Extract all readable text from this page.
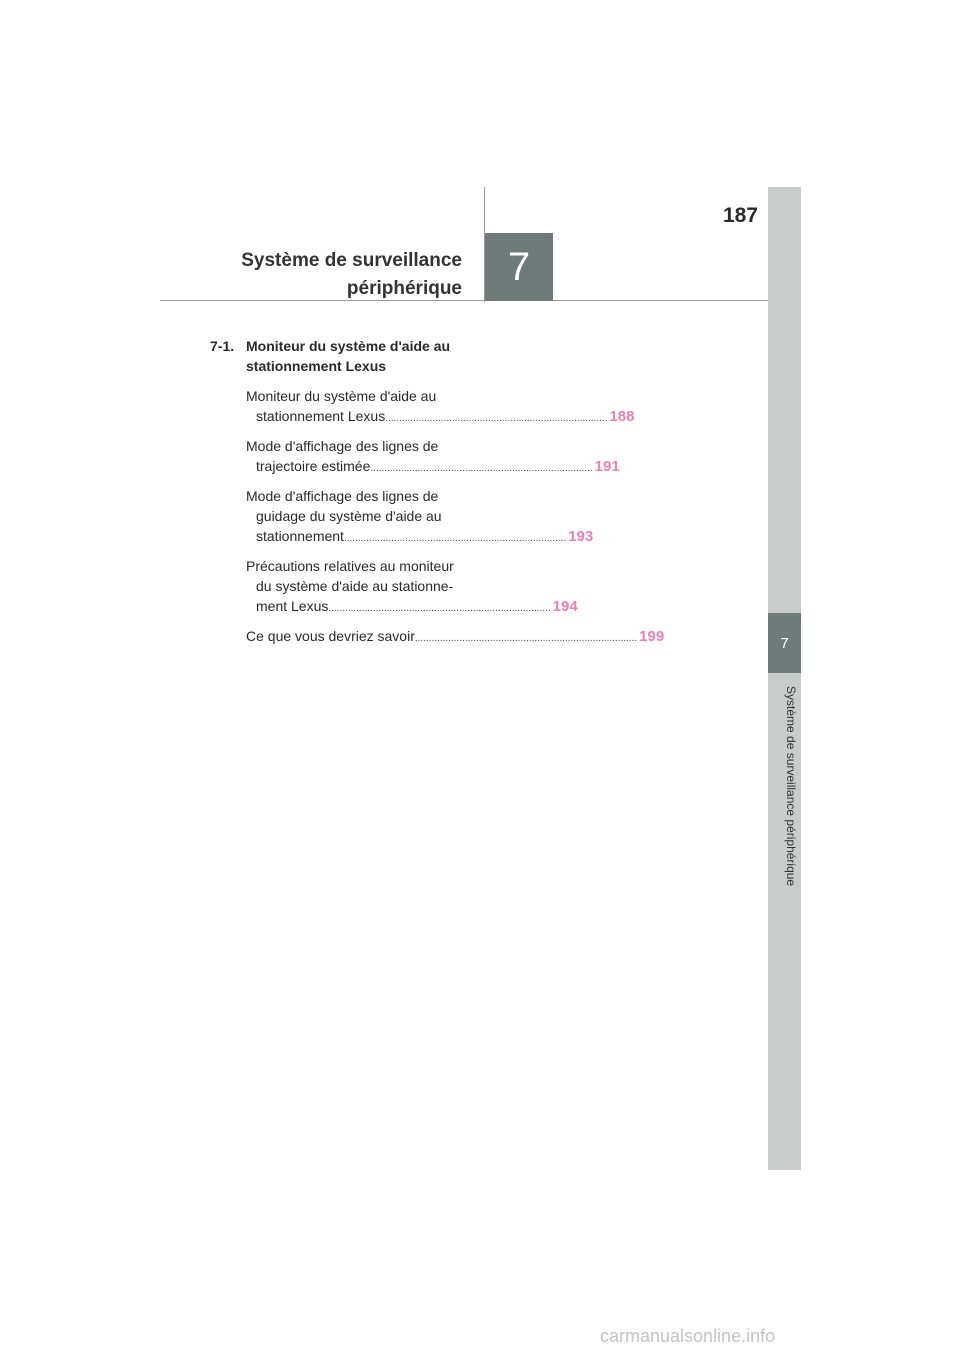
187
Système de surveillance
périphérique	7
7
Système de surveillance périphérique
7-1. Moniteur du système d'aide au
stationnement Lexus
Moniteur du système d'aide au
stationnement Lexus ................................................................................ 188
Mode d'affichage des lignes de
trajectoire estimée ................................................................................ 191
Mode d'affichage des lignes de
guidage du système d'aide au
stationnement ................................................................................ 193
Précautions relatives au moniteur
du système d'aide au stationne-
ment Lexus ................................................................................ 194
Ce que vous devriez savoir ................................................................................ 199
carmanualsonline.info
